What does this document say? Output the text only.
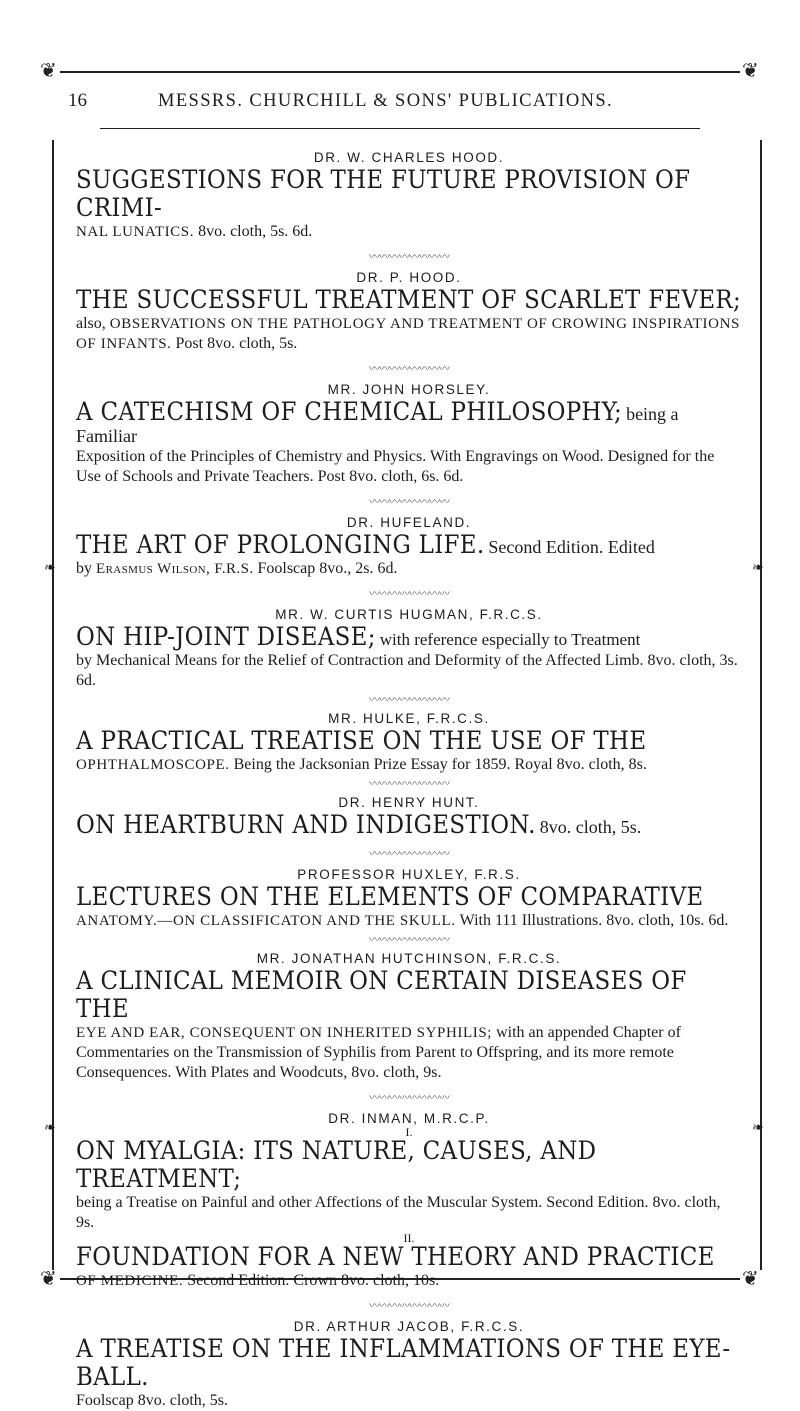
❦	❦
❧	❧
❧	❧
❦	❦
16	MESSRS. CHURCHILL & SONS' PUBLICATIONS.

DR. W. CHARLES HOOD.

SUGGESTIONS FOR THE FUTURE PROVISION OF CRIMI-
NAL LUNATICS. 8vo. cloth, 5s. 6d.

〰〰〰〰〰〰〰〰

DR. P. HOOD.

THE SUCCESSFUL TREATMENT OF SCARLET FEVER;
also, OBSERVATIONS ON THE PATHOLOGY AND TREATMENT OF CROWING INSPIRATIONS OF INFANTS. Post 8vo. cloth, 5s.

〰〰〰〰〰〰〰〰

MR. JOHN HORSLEY.

A CATECHISM OF CHEMICAL PHILOSOPHY; being a Familiar
Exposition of the Principles of Chemistry and Physics. With Engravings on Wood. Designed for the Use of Schools and Private Teachers. Post 8vo. cloth, 6s. 6d.

〰〰〰〰〰〰〰〰

DR. HUFELAND.

THE ART OF PROLONGING LIFE. Second Edition. Edited
by Erasmus Wilson, F.R.S. Foolscap 8vo., 2s. 6d.

〰〰〰〰〰〰〰〰

MR. W. CURTIS HUGMAN, F.R.C.S.

ON HIP-JOINT DISEASE; with reference especially to Treatment
by Mechanical Means for the Relief of Contraction and Deformity of the Affected Limb. 8vo. cloth, 3s. 6d.

〰〰〰〰〰〰〰〰

MR. HULKE, F.R.C.S.

A PRACTICAL TREATISE ON THE USE OF THE
OPHTHALMOSCOPE. Being the Jacksonian Prize Essay for 1859. Royal 8vo. cloth, 8s.

〰〰〰〰〰〰〰〰

DR. HENRY HUNT.

ON HEARTBURN AND INDIGESTION. 8vo. cloth, 5s.

〰〰〰〰〰〰〰〰

PROFESSOR HUXLEY, F.R.S.

LECTURES ON THE ELEMENTS OF COMPARATIVE
ANATOMY.—ON CLASSIFICATON AND THE SKULL. With 111 Illustrations. 8vo. cloth, 10s. 6d.

〰〰〰〰〰〰〰〰

MR. JONATHAN HUTCHINSON, F.R.C.S.

A CLINICAL MEMOIR ON CERTAIN DISEASES OF THE
EYE AND EAR, CONSEQUENT ON INHERITED SYPHILIS; with an appended Chapter of Commentaries on the Transmission of Syphilis from Parent to Offspring, and its more remote Consequences. With Plates and Woodcuts, 8vo. cloth, 9s.

〰〰〰〰〰〰〰〰

DR. INMAN, M.R.C.P.

I.

ON MYALGIA: ITS NATURE, CAUSES, AND TREATMENT;
being a Treatise on Painful and other Affections of the Muscular System. Second Edition. 8vo. cloth, 9s.

II.

FOUNDATION FOR A NEW THEORY AND PRACTICE
OF MEDICINE. Second Edition. Crown 8vo. cloth, 10s.

〰〰〰〰〰〰〰〰

DR. ARTHUR JACOB, F.R.C.S.

A TREATISE ON THE INFLAMMATIONS OF THE EYE-BALL.
Foolscap 8vo. cloth, 5s.
